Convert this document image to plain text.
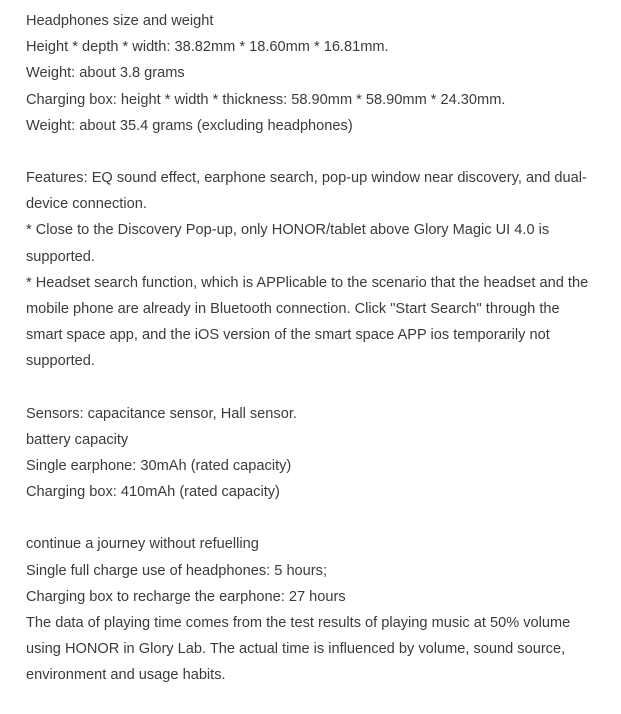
Headphones size and weight
Height * depth * width: 38.82mm * 18.60mm * 16.81mm.
Weight: about 3.8 grams
Charging box: height * width * thickness: 58.90mm * 58.90mm * 24.30mm.
Weight: about 35.4 grams (excluding headphones)
Features: EQ sound effect, earphone search, pop-up window near discovery, and dual-device connection.
* Close to the Discovery Pop-up, only HONOR/tablet above Glory Magic UI 4.0 is supported.
* Headset search function, which is APPlicable to the scenario that the headset and the mobile phone are already in Bluetooth connection. Click "Start Search" through the smart space app, and the iOS version of the smart space APP ios temporarily not supported.
Sensors: capacitance sensor, Hall sensor.
battery capacity
Single earphone: 30mAh (rated capacity)
Charging box: 410mAh (rated capacity)
continue a journey without refuelling
Single full charge use of headphones: 5 hours;
Charging box to recharge the earphone: 27 hours
The data of playing time comes from the test results of playing music at 50% volume using HONOR in Glory Lab. The actual time is influenced by volume, sound source, environment and usage habits.
